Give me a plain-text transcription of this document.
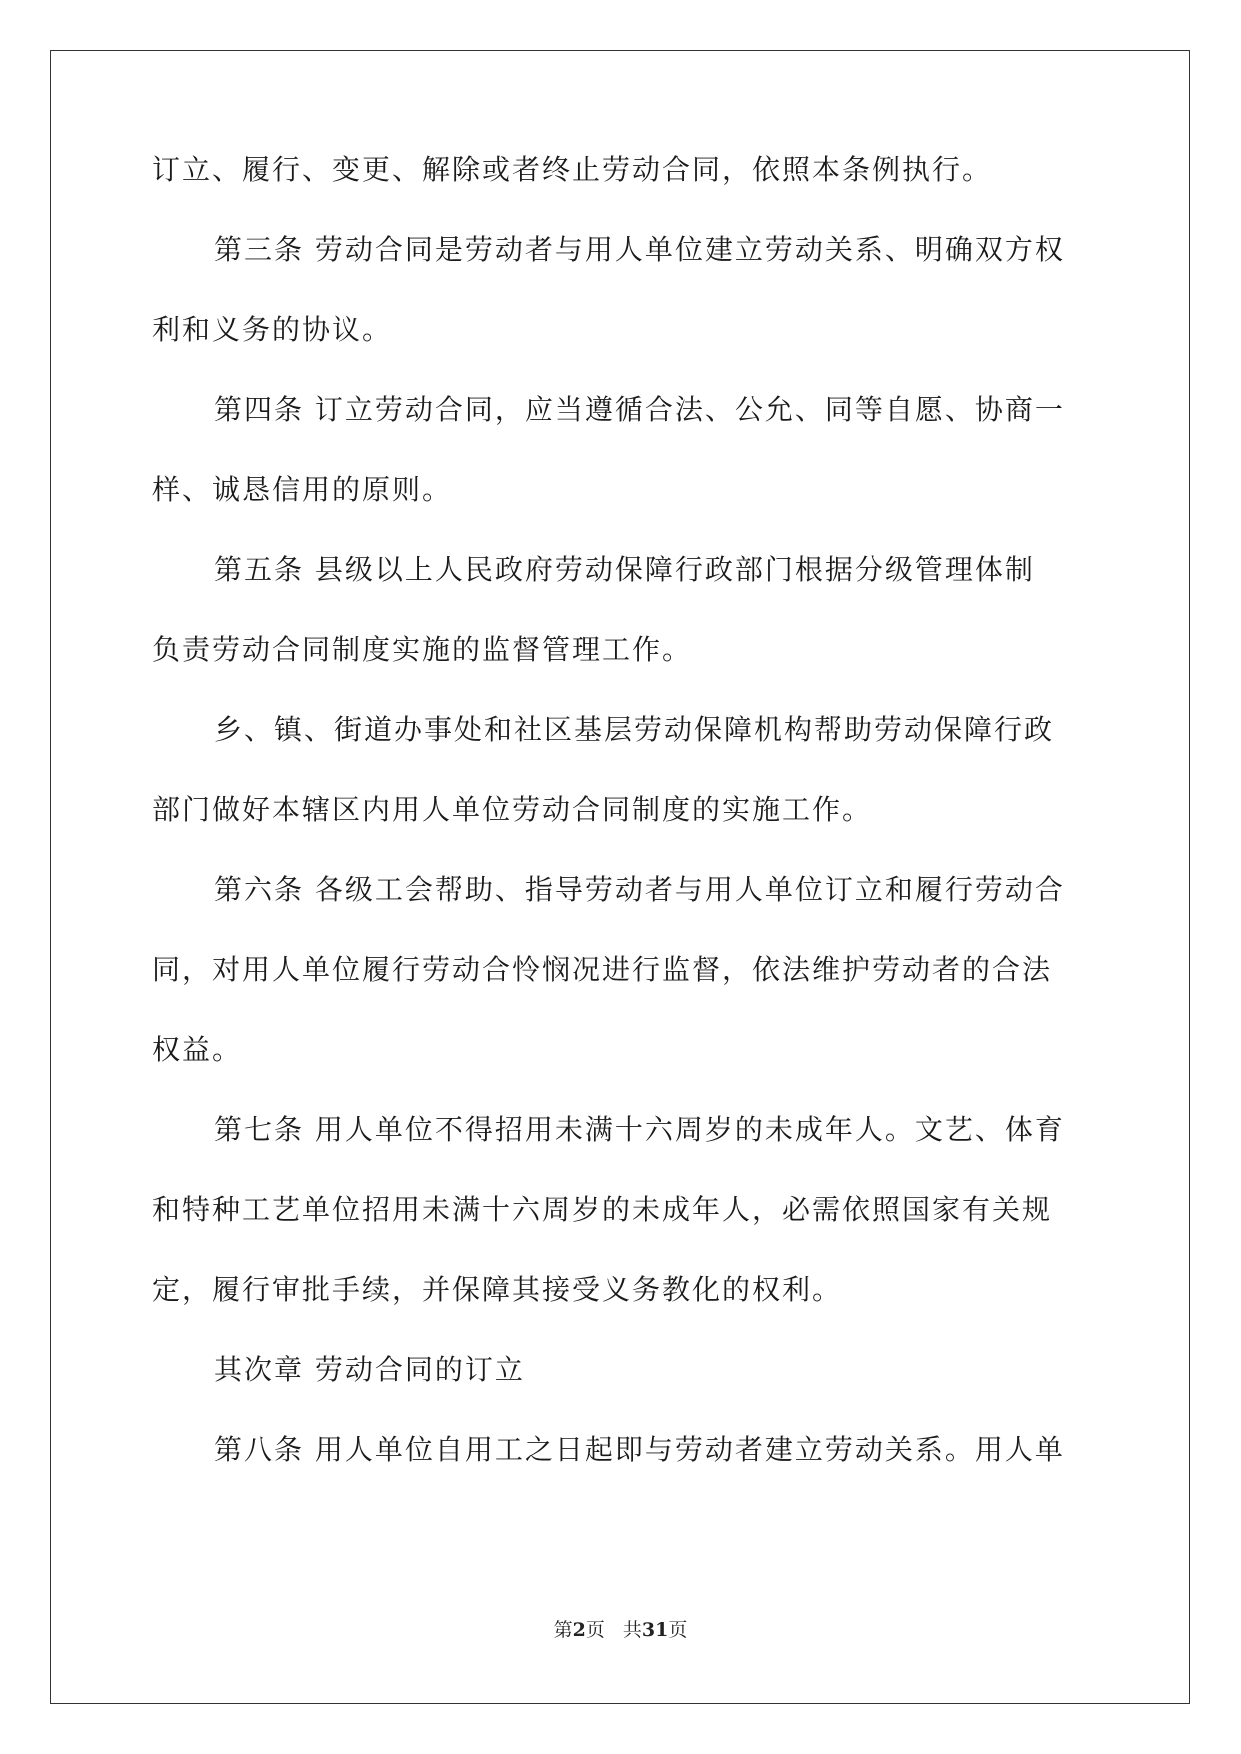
订立、履行、变更、解除或者终止劳动合同，依照本条例执行。
第三条 劳动合同是劳动者与用人单位建立劳动关系、明确双方权
利和义务的协议。
第四条 订立劳动合同，应当遵循合法、公允、同等自愿、协商一
样、诚恳信用的原则。
第五条 县级以上人民政府劳动保障行政部门根据分级管理体制
负责劳动合同制度实施的监督管理工作。
乡、镇、街道办事处和社区基层劳动保障机构帮助劳动保障行政
部门做好本辖区内用人单位劳动合同制度的实施工作。
第六条 各级工会帮助、指导劳动者与用人单位订立和履行劳动合
同，对用人单位履行劳动合怜悯况进行监督，依法维护劳动者的合法
权益。
第七条 用人单位不得招用未满十六周岁的未成年人。文艺、体育
和特种工艺单位招用未满十六周岁的未成年人，必需依照国家有关规
定，履行审批手续，并保障其接受义务教化的权利。
其次章 劳动合同的订立
第八条 用人单位自用工之日起即与劳动者建立劳动关系。用人单
第2页 共31页
